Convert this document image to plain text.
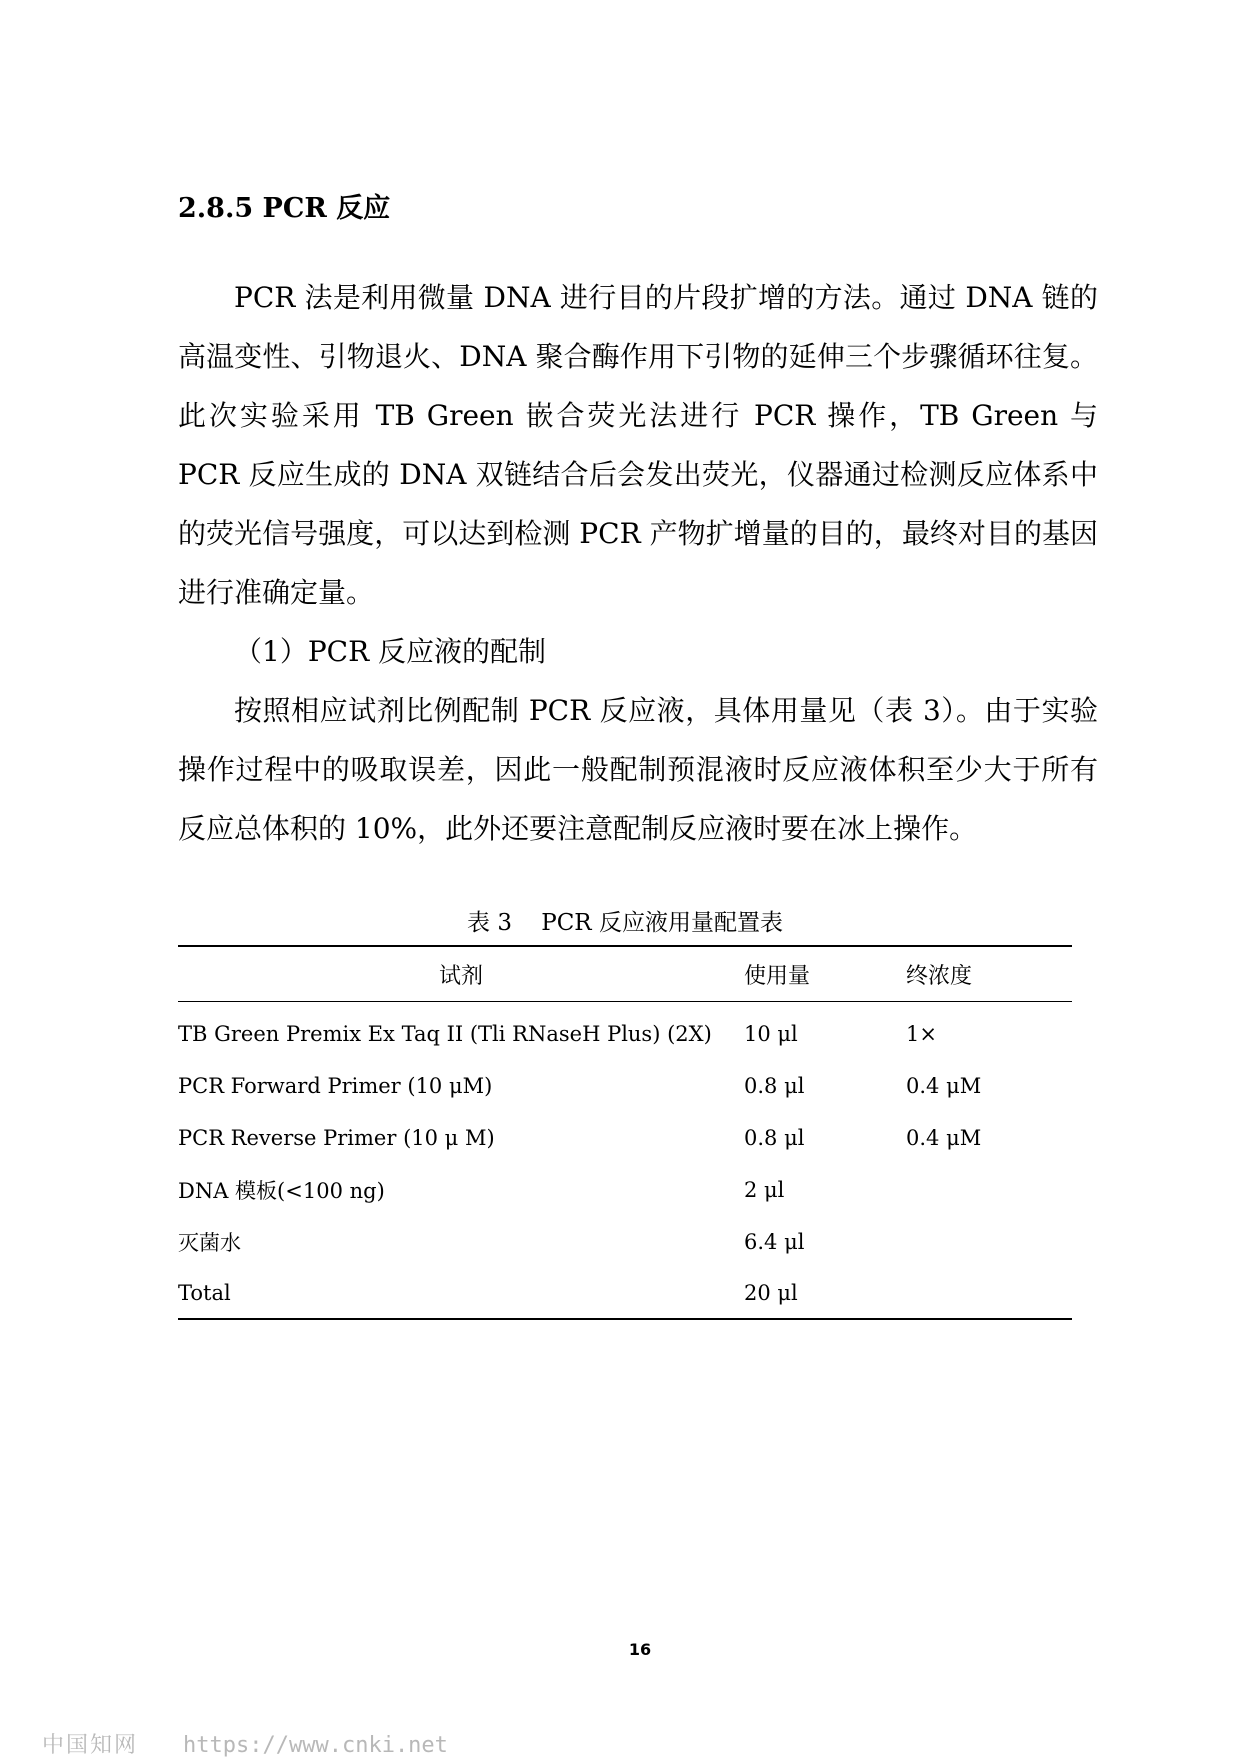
2.8.5 PCR 反应

PCR 法是利用微量 DNA 进行目的片段扩增的方法。通过 DNA 链的高温变性、引物退火、DNA 聚合酶作用下引物的延伸三个步骤循环往复。此次实验采用 TB Green 嵌合荧光法进行 PCR 操作，TB Green 与 PCR 反应生成的 DNA 双链结合后会发出荧光，仪器通过检测反应体系中的荧光信号强度，可以达到检测 PCR 产物扩增量的目的，最终对目的基因进行准确定量。

（1）PCR 反应液的配制

按照相应试剂比例配制 PCR 反应液，具体用量见（表 3）。由于实验操作过程中的吸取误差，因此一般配制预混液时反应液体积至少大于所有反应总体积的 10%，此外还要注意配制反应液时要在冰上操作。

表 3    PCR 反应液用量配置表
试剂	使用量	终浓度
TB Green Premix Ex Taq II (Tli RNaseH Plus) (2X)	10 μl	1×
PCR Forward Primer (10 μM)	0.8 μl	0.4 μM
PCR Reverse Primer (10 μ M)	0.8 μl	0.4 μM
DNA 模板(<100 ng)	2 μl	
灭菌水	6.4 μl	
Total	20 μl	
16
中国知网 https://www.cnki.net
